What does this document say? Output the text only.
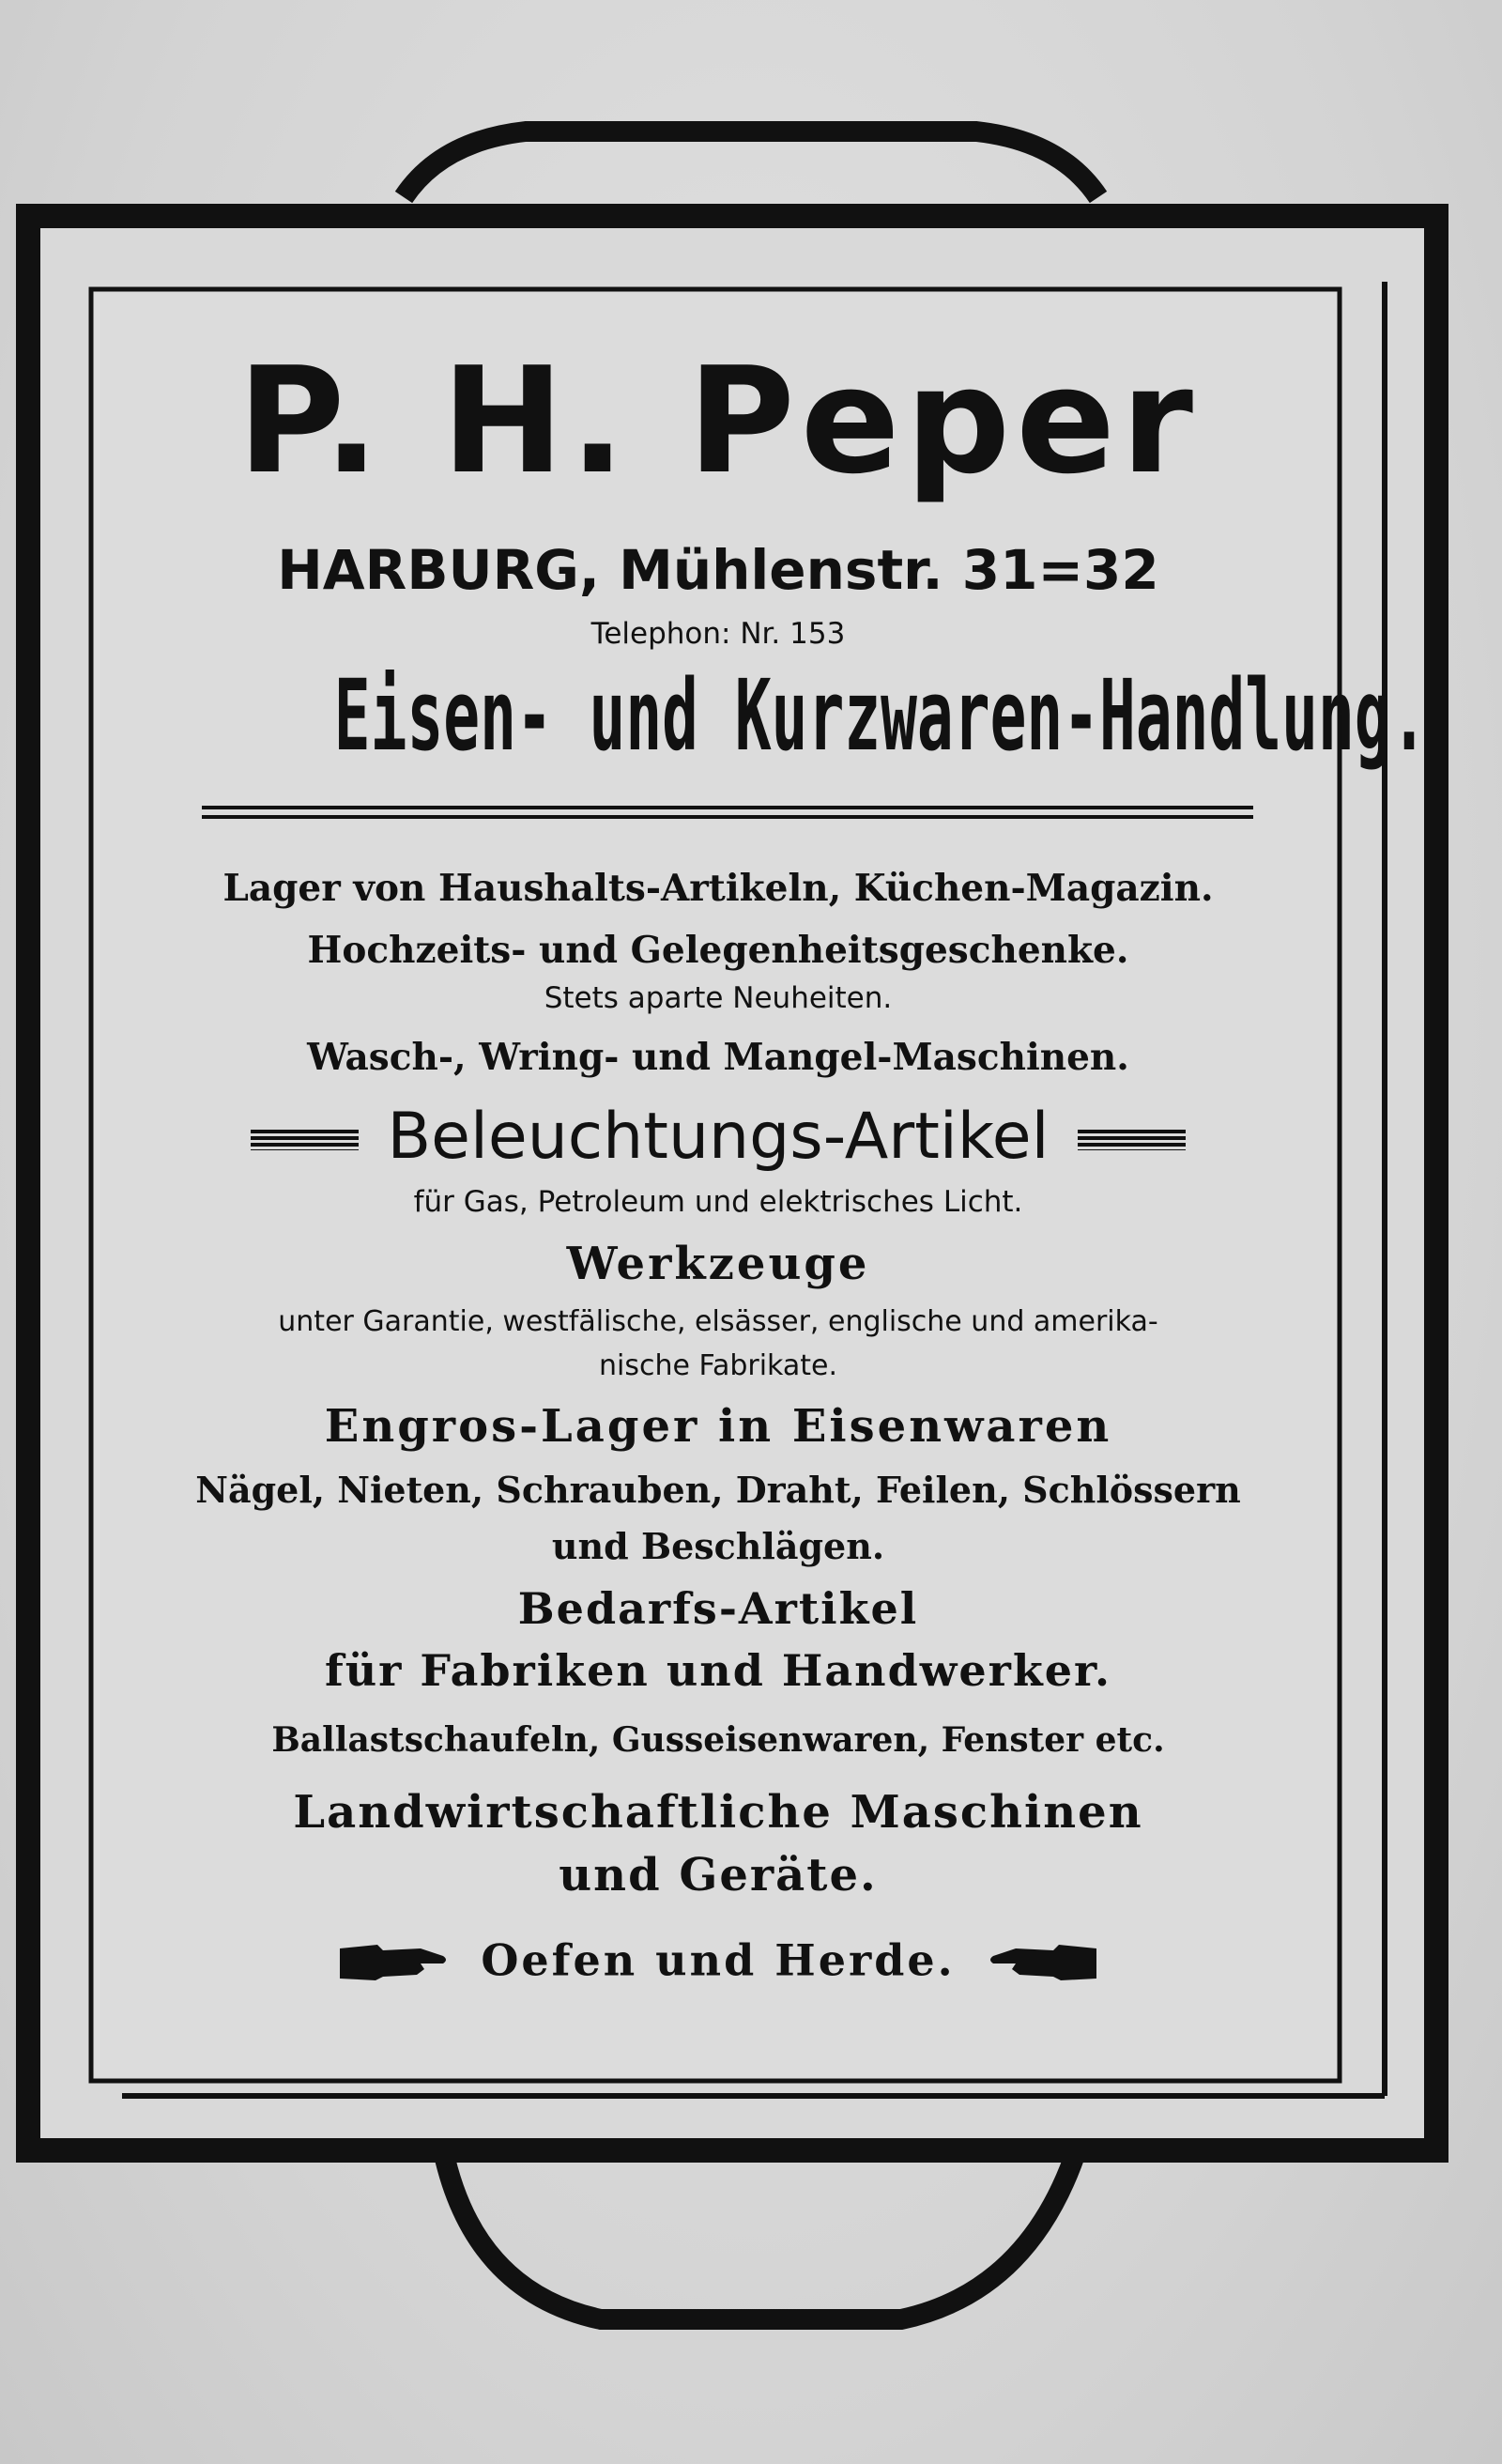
P. H. Peper
HARBURG, Mühlenstr. 31=32
Telephon: Nr. 153
Eisen- und Kurzwaren-Handlung.
Lager von Haushalts-Artikeln, Küchen-Magazin.
Hochzeits- und Gelegenheitsgeschenke.
Stets aparte Neuheiten.
Wasch-, Wring- und Mangel-Maschinen.
Beleuchtungs-Artikel
für Gas, Petroleum und elektrisches Licht.
Werkzeuge
unter Garantie, westfälische, elsässer, englische und amerika-
nische Fabrikate.
Engros-Lager in Eisenwaren
Nägel, Nieten, Schrauben, Draht, Feilen, Schlössern
und Beschlägen.
Bedarfs-Artikel
für Fabriken und Handwerker.
Ballastschaufeln, Gusseisenwaren, Fenster etc.
Landwirtschaftliche Maschinen
und Geräte.
Oefen und Herde.
